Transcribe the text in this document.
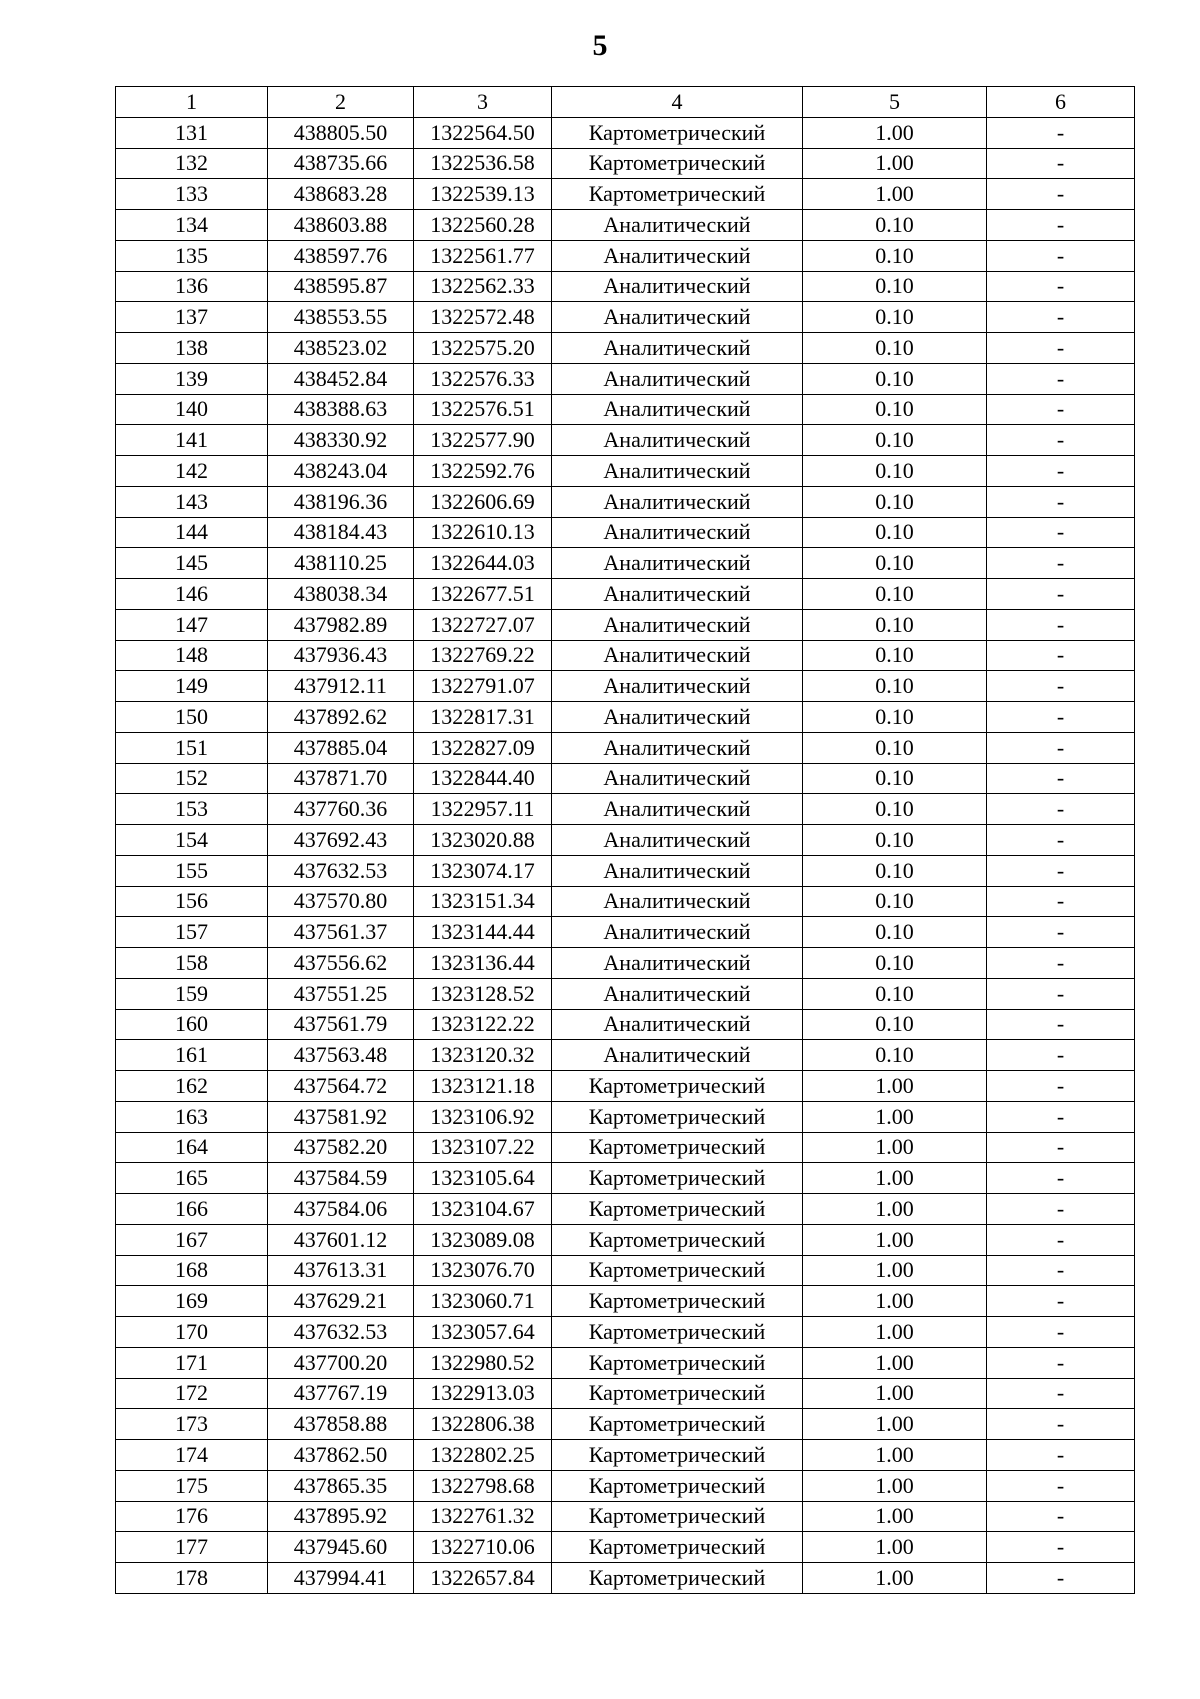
5
1	2	3	4	5	6
131	438805.50	1322564.50	Картометрический	1.00	-
132	438735.66	1322536.58	Картометрический	1.00	-
133	438683.28	1322539.13	Картометрический	1.00	-
134	438603.88	1322560.28	Аналитический	0.10	-
135	438597.76	1322561.77	Аналитический	0.10	-
136	438595.87	1322562.33	Аналитический	0.10	-
137	438553.55	1322572.48	Аналитический	0.10	-
138	438523.02	1322575.20	Аналитический	0.10	-
139	438452.84	1322576.33	Аналитический	0.10	-
140	438388.63	1322576.51	Аналитический	0.10	-
141	438330.92	1322577.90	Аналитический	0.10	-
142	438243.04	1322592.76	Аналитический	0.10	-
143	438196.36	1322606.69	Аналитический	0.10	-
144	438184.43	1322610.13	Аналитический	0.10	-
145	438110.25	1322644.03	Аналитический	0.10	-
146	438038.34	1322677.51	Аналитический	0.10	-
147	437982.89	1322727.07	Аналитический	0.10	-
148	437936.43	1322769.22	Аналитический	0.10	-
149	437912.11	1322791.07	Аналитический	0.10	-
150	437892.62	1322817.31	Аналитический	0.10	-
151	437885.04	1322827.09	Аналитический	0.10	-
152	437871.70	1322844.40	Аналитический	0.10	-
153	437760.36	1322957.11	Аналитический	0.10	-
154	437692.43	1323020.88	Аналитический	0.10	-
155	437632.53	1323074.17	Аналитический	0.10	-
156	437570.80	1323151.34	Аналитический	0.10	-
157	437561.37	1323144.44	Аналитический	0.10	-
158	437556.62	1323136.44	Аналитический	0.10	-
159	437551.25	1323128.52	Аналитический	0.10	-
160	437561.79	1323122.22	Аналитический	0.10	-
161	437563.48	1323120.32	Аналитический	0.10	-
162	437564.72	1323121.18	Картометрический	1.00	-
163	437581.92	1323106.92	Картометрический	1.00	-
164	437582.20	1323107.22	Картометрический	1.00	-
165	437584.59	1323105.64	Картометрический	1.00	-
166	437584.06	1323104.67	Картометрический	1.00	-
167	437601.12	1323089.08	Картометрический	1.00	-
168	437613.31	1323076.70	Картометрический	1.00	-
169	437629.21	1323060.71	Картометрический	1.00	-
170	437632.53	1323057.64	Картометрический	1.00	-
171	437700.20	1322980.52	Картометрический	1.00	-
172	437767.19	1322913.03	Картометрический	1.00	-
173	437858.88	1322806.38	Картометрический	1.00	-
174	437862.50	1322802.25	Картометрический	1.00	-
175	437865.35	1322798.68	Картометрический	1.00	-
176	437895.92	1322761.32	Картометрический	1.00	-
177	437945.60	1322710.06	Картометрический	1.00	-
178	437994.41	1322657.84	Картометрический	1.00	-
